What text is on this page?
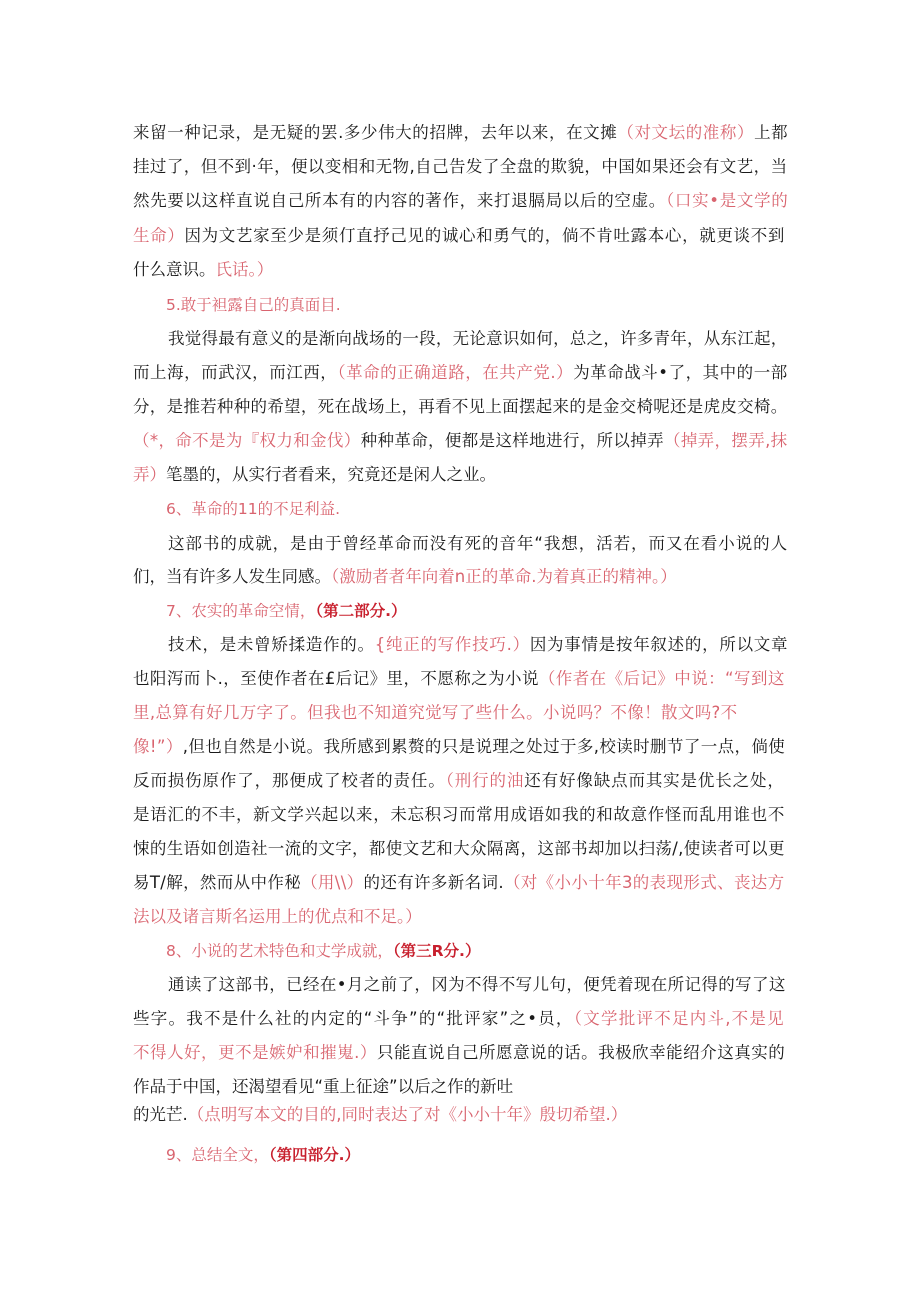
来留一种记录，是无疑的罢.多少伟大的招牌，去年以来，在文摊（对文坛的准称）上都
挂过了，但不到·年，便以变相和无物,自己告发了全盘的欺貌，中国如果还会有文艺，当
然先要以这样直说自己所本有的内容的著作，来打退膈局以后的空虚。（口实•是文学的
生命）因为文艺家至少是须仃直抒己见的诚心和勇气的，倘不肯吐露本心，就更谈不到
什么意识。氏话。）
5.敢于袒露自己的真面目.
我觉得最有意义的是渐向战场的一段，无论意识如何，总之，许多青年，从东江起，
而上海，而武汉，而江西，（革命的正确道路，在共产党.）为革命战斗•了，其中的一部
分，是推若种种的希望，死在战场上，再看不见上面摆起来的是金交椅呢还是虎皮交椅。
（*，命不是为『权力和金伐）种种革命，便都是这样地进行，所以掉弄（掉弄，摆弄,抹
弄）笔墨的，从实行者看来，究竟还是闲人之业。
6、革命的11的不足利益.
这部书的成就，是由于曾经革命而没有死的音年“我想，活若，而又在看小说的人
们，当有许多人发生同感。（激励者者年向着n正的革命.为着真正的精神。）
7、农实的革命空情，（第二部分.）
技术，是未曾矫揉造作的。{纯正的写作技巧.）因为事情是按年叙述的，所以文章
也阳泻而卜.，至使作者在£后记》里，不愿称之为小说（作者在《后记》中说：“写到这
里,总算有好几万字了。但我也不知道究觉写了些什么。小说吗？不像！散文吗?不
像!”）,但也自然是小说。我所感到累赘的只是说理之处过于多,校读时删节了一点，倘使
反而损伤原作了，那便成了校者的责任。（刑行的油还有好像缺点而其实是优长之处，
是语汇的不丰，新文学兴起以来，未忘积习而常用成语如我的和故意作怪而乱用谁也不
悚的生语如创造社一流的文字，都使文艺和大众隔离，这部书却加以扫荡/,使读者可以更
易T/解，然而从中作秘（用\\）的还有许多新名词.（对《小小十年3的表现形式、丧达方
法以及诸言斯名运用上的优点和不足。）
8、小说的艺术特色和丈学成就，（第三R分.）
通读了这部书，已经在•月之前了，冈为不得不写儿句，便凭着现在所记得的写了这
些字。我不是什么社的内定的“斗争”的“批评家”之•员，（文学批评不足内斗,不是见
不得人好，更不是嫉妒和摧嵬.）只能直说自己所愿意说的话。我极欣幸能绍介这真实的
作品于中国，还渴望看见“重上征途”以后之作的新吐
的光芒.（点明写本文的目的,同时表达了对《小小十年》殷切希望.）
9、总结全文，（第四部分.）
